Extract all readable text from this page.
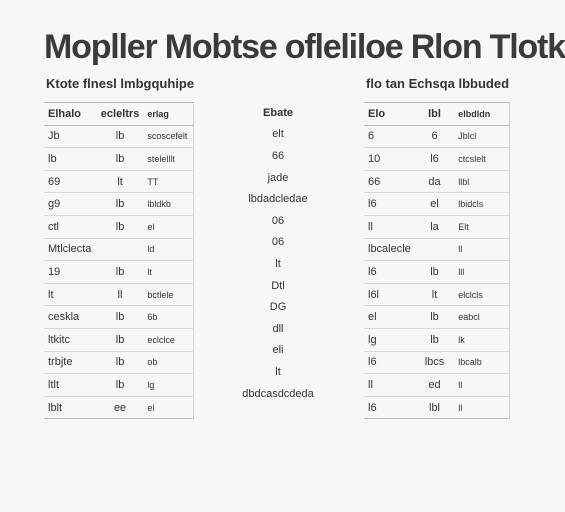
Mopller Mobtse ofleliloe Rlon Tlotk
Ktote flnesl lmbgquhipe	flo tan Echsqa lbbuded
Elhalo	ecleltrs	erlag
Jb	lb	scoscefelt
lb	lb	stelelllt
69	lt	TT
g9	lb	lbldkb
ctl	lb	el
Mtlclecta		ld
19	lb	lt
lt	ll	bctlele
ceskla	lb	6b
ltkitc	lb	eclclce
trbjte	lb	ob
ltlt	lb	lg
lblt	ee	el
Ebate
elt
66
jade
lbdadcledae
06
06
lt
Dtl
DG
dll
eli
lt
dbdcasdcdeda
Elo	lbl	elbdldn
6	6	Jblcl
10	l6	ctcslelt
66	da	llbl
l6	el	lbidcls
ll	la	Elt
lbcalecle		ll
l6	lb	lll
l6l	lt	elclcls
el	lb	eabcl
lg	lb	lk
l6	lbcs	lbcalb
ll	ed	ll
l6	lbl	ll
